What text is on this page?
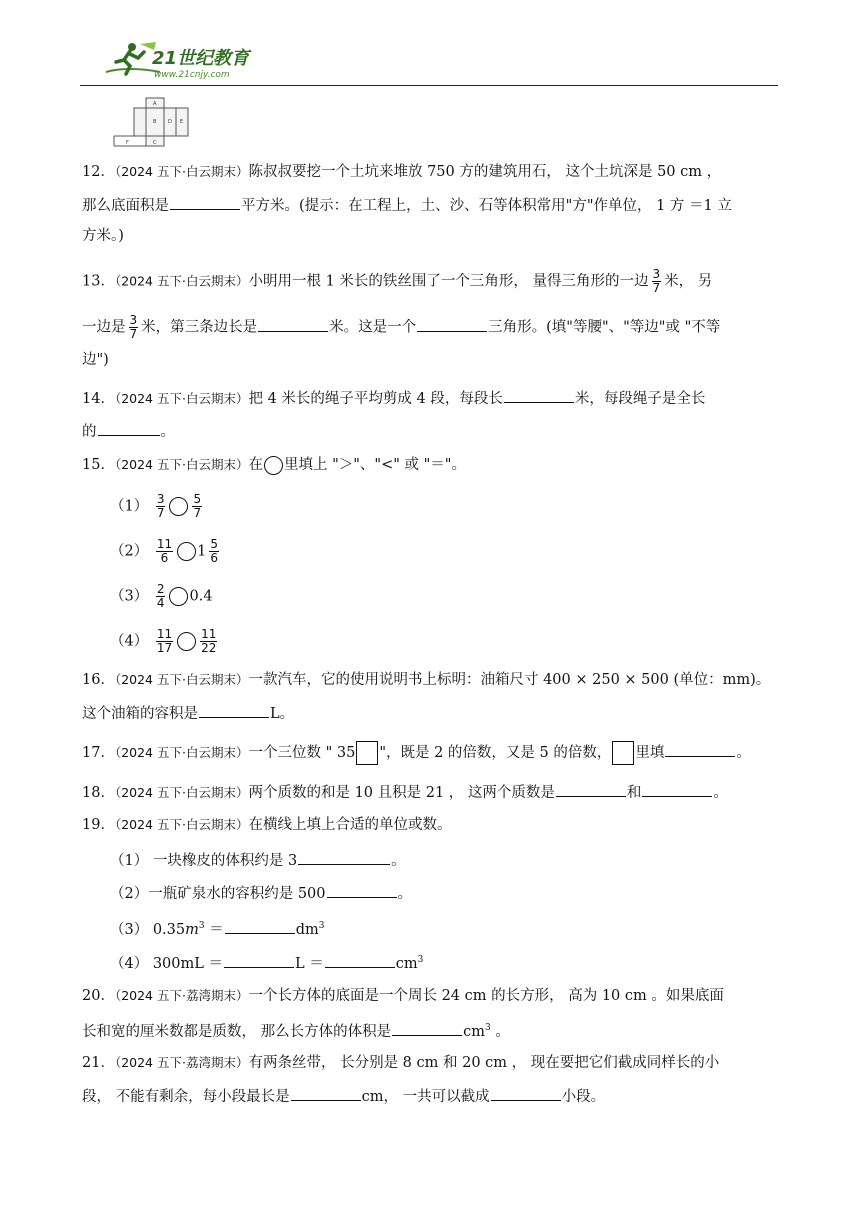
21世纪教育
www.21cnjy.com
A
B D E
F	C
12．（2024 五下·白云期末）陈叔叔要挖一个土坑来堆放 750 方的建筑用石， 这个土坑深是 50 cm ，
那么底面积是	平方米。(提示：在工程上，土、沙、石等体积常用"方"作单位， 1 方 ＝1 立
方米。)
13．（2024 五下·白云期末）小明用一根 1 米长的铁丝围了一个三角形， 量得三角形的一边 $\frac{3}{7}$ 米， 另
一边是 $\frac{3}{7}$ 米，第三条边长是	米。这是一个	三角形。(填"等腰"、"等边"或 "不等
边")
14．（2024 五下·白云期末）把 4 米长的绳子平均剪成 4 段，每段长	米，每段绳子是全长
的	。
15．（2024 五下·白云期末）在 里填上 "＞"、"<" 或 "＝"。
$(1) \frac{3}{7} \frac{5}{7}$
$(2) \frac{11}{6} 1 \frac{5}{6}$
$(3) \frac{2}{4} 0.4$
$(4) \frac{11}{17} \frac{11}{22}$
16．（2024 五下·白云期末）一款汽车，它的使用说明书上标明：油箱尺寸 400 × 250 × 500 (单位：mm)。
这个油箱的容积是	L。
17．（2024 五下·白云期末）一个三位数 " 35 "，既是 2 的倍数，又是 5 的倍数， 里填	。
18．（2024 五下·白云期末）两个质数的和是 10 且积是 21 ， 这两个质数是	和	。
19．（2024 五下·白云期末）在横线上填上合适的单位或数。
（1） 一块橡皮的体积约是 3	。
（2）一瓶矿泉水的容积约是 500	。
（3） $0.35m^3$ ＝	$dm^3$
（4） 300mL ＝	L ＝	$cm^3$
20．（2024 五下·荔湾期末）一个长方体的底面是一个周长 24 cm 的长方形， 高为 10 cm 。如果底面
长和宽的厘米数都是质数， 那么长方体的体积是	$cm^3$ 。
21．（2024 五下·荔湾期末）有两条丝带， 长分别是 8 cm 和 20 cm ， 现在要把它们截成同样长的小
段， 不能有剩余，每小段最长是	cm， 一共可以截成	小段。
